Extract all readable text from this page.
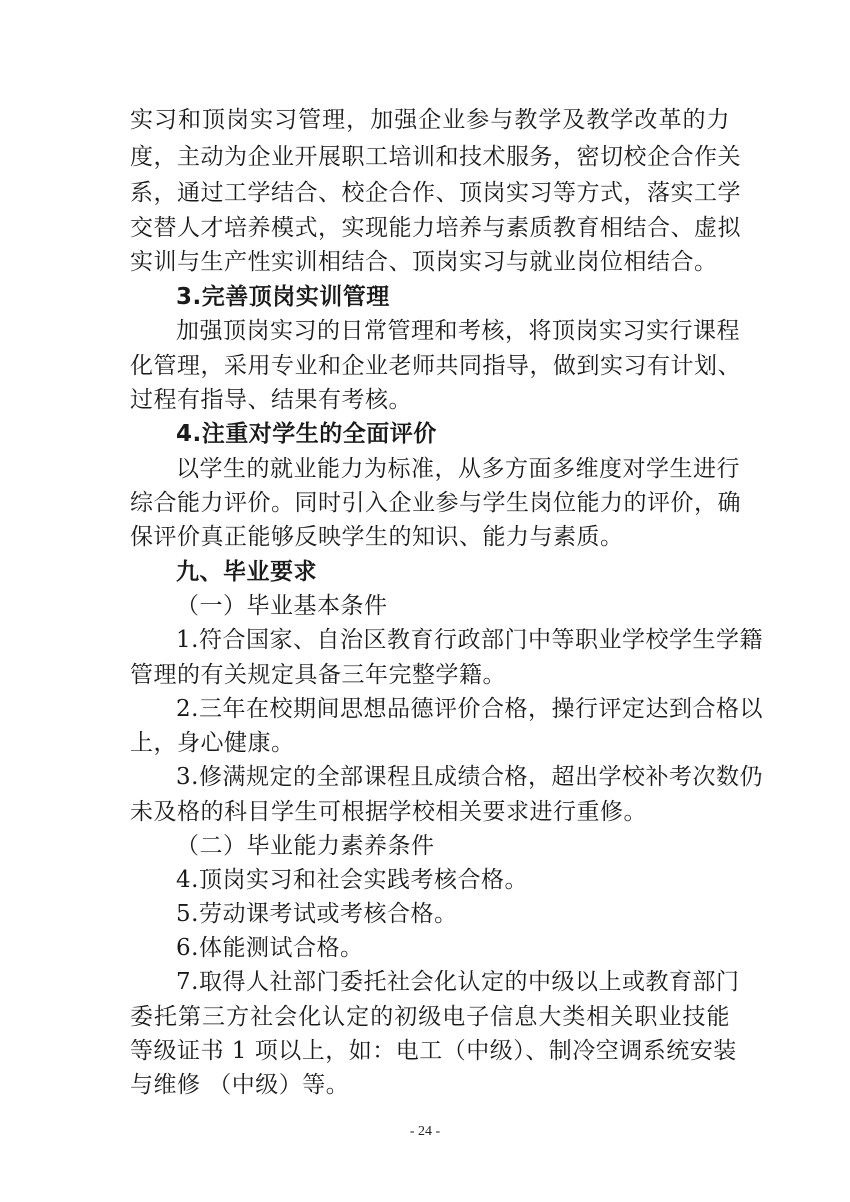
实习和顶岗实习管理，加强企业参与教学及教学改革的力
度，主动为企业开展职工培训和技术服务，密切校企合作关
系，通过工学结合、校企合作、顶岗实习等方式，落实工学
交替人才培养模式，实现能力培养与素质教育相结合、虚拟
实训与生产性实训相结合、顶岗实习与就业岗位相结合。
3.完善顶岗实训管理
加强顶岗实习的日常管理和考核，将顶岗实习实行课程
化管理，采用专业和企业老师共同指导，做到实习有计划、
过程有指导、结果有考核。
4.注重对学生的全面评价
以学生的就业能力为标准，从多方面多维度对学生进行
综合能力评价。同时引入企业参与学生岗位能力的评价，确
保评价真正能够反映学生的知识、能力与素质。
九、毕业要求
（一）毕业基本条件
1.符合国家、自治区教育行政部门中等职业学校学生学籍
管理的有关规定具备三年完整学籍。
2.三年在校期间思想品德评价合格，操行评定达到合格以
上，身心健康。
3.修满规定的全部课程且成绩合格，超出学校补考次数仍
未及格的科目学生可根据学校相关要求进行重修。
（二）毕业能力素养条件
4.顶岗实习和社会实践考核合格。
5.劳动课考试或考核合格。
6.体能测试合格。
7.取得人社部门委托社会化认定的中级以上或教育部门
委托第三方社会化认定的初级电子信息大类相关职业技能
等级证书 1 项以上，如：电工（中级）、制冷空调系统安装
与维修 （中级）等。
- 24 -
